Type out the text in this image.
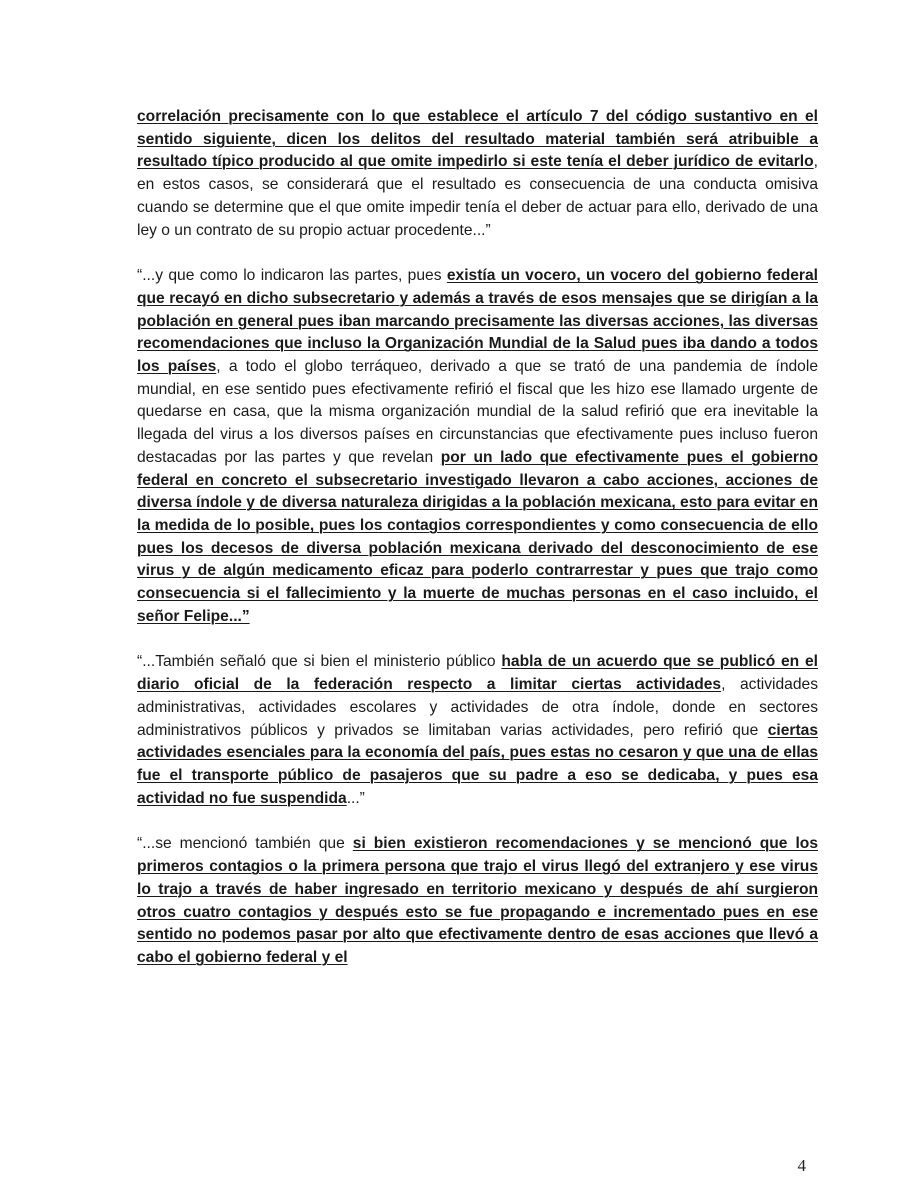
correlación precisamente con lo que establece el artículo 7 del código sustantivo en el sentido siguiente, dicen los delitos del resultado material también será atribuible a resultado típico producido al que omite impedirlo si este tenía el deber jurídico de evitarlo, en estos casos, se considerará que el resultado es consecuencia de una conducta omisiva cuando se determine que el que omite impedir tenía el deber de actuar para ello, derivado de una ley o un contrato de su propio actuar procedente...”

“...y que como lo indicaron las partes, pues existía un vocero, un vocero del gobierno federal que recayó en dicho subsecretario y además a través de esos mensajes que se dirigían a la población en general pues iban marcando precisamente las diversas acciones, las diversas recomendaciones que incluso la Organización Mundial de la Salud pues iba dando a todos los países, a todo el globo terráqueo, derivado a que se trató de una pandemia de índole mundial, en ese sentido pues efectivamente refirió el fiscal que les hizo ese llamado urgente de quedarse en casa, que la misma organización mundial de la salud refirió que era inevitable la llegada del virus a los diversos países en circunstancias que efectivamente pues incluso fueron destacadas por las partes y que revelan por un lado que efectivamente pues el gobierno federal en concreto el subsecretario investigado llevaron a cabo acciones, acciones de diversa índole y de diversa naturaleza dirigidas a la población mexicana, esto para evitar en la medida de lo posible, pues los contagios correspondientes y como consecuencia de ello pues los decesos de diversa población mexicana derivado del desconocimiento de ese virus y de algún medicamento eficaz para poderlo contrarrestar y pues que trajo como consecuencia si el fallecimiento y la muerte de muchas personas en el caso incluido, el señor Felipe...”

“...También señaló que si bien el ministerio público habla de un acuerdo que se publicó en el diario oficial de la federación respecto a limitar ciertas actividades, actividades administrativas, actividades escolares y actividades de otra índole, donde en sectores administrativos públicos y privados se limitaban varias actividades, pero refirió que ciertas actividades esenciales para la economía del país, pues estas no cesaron y que una de ellas fue el transporte público de pasajeros que su padre a eso se dedicaba, y pues esa actividad no fue suspendida...”

“...se mencionó también que si bien existieron recomendaciones y se mencionó que los primeros contagios o la primera persona que trajo el virus llegó del extranjero y ese virus lo trajo a través de haber ingresado en territorio mexicano y después de ahí surgieron otros cuatro contagios y después esto se fue propagando e incrementado pues en ese sentido no podemos pasar por alto que efectivamente dentro de esas acciones que llevó a cabo el gobierno federal y el

4
